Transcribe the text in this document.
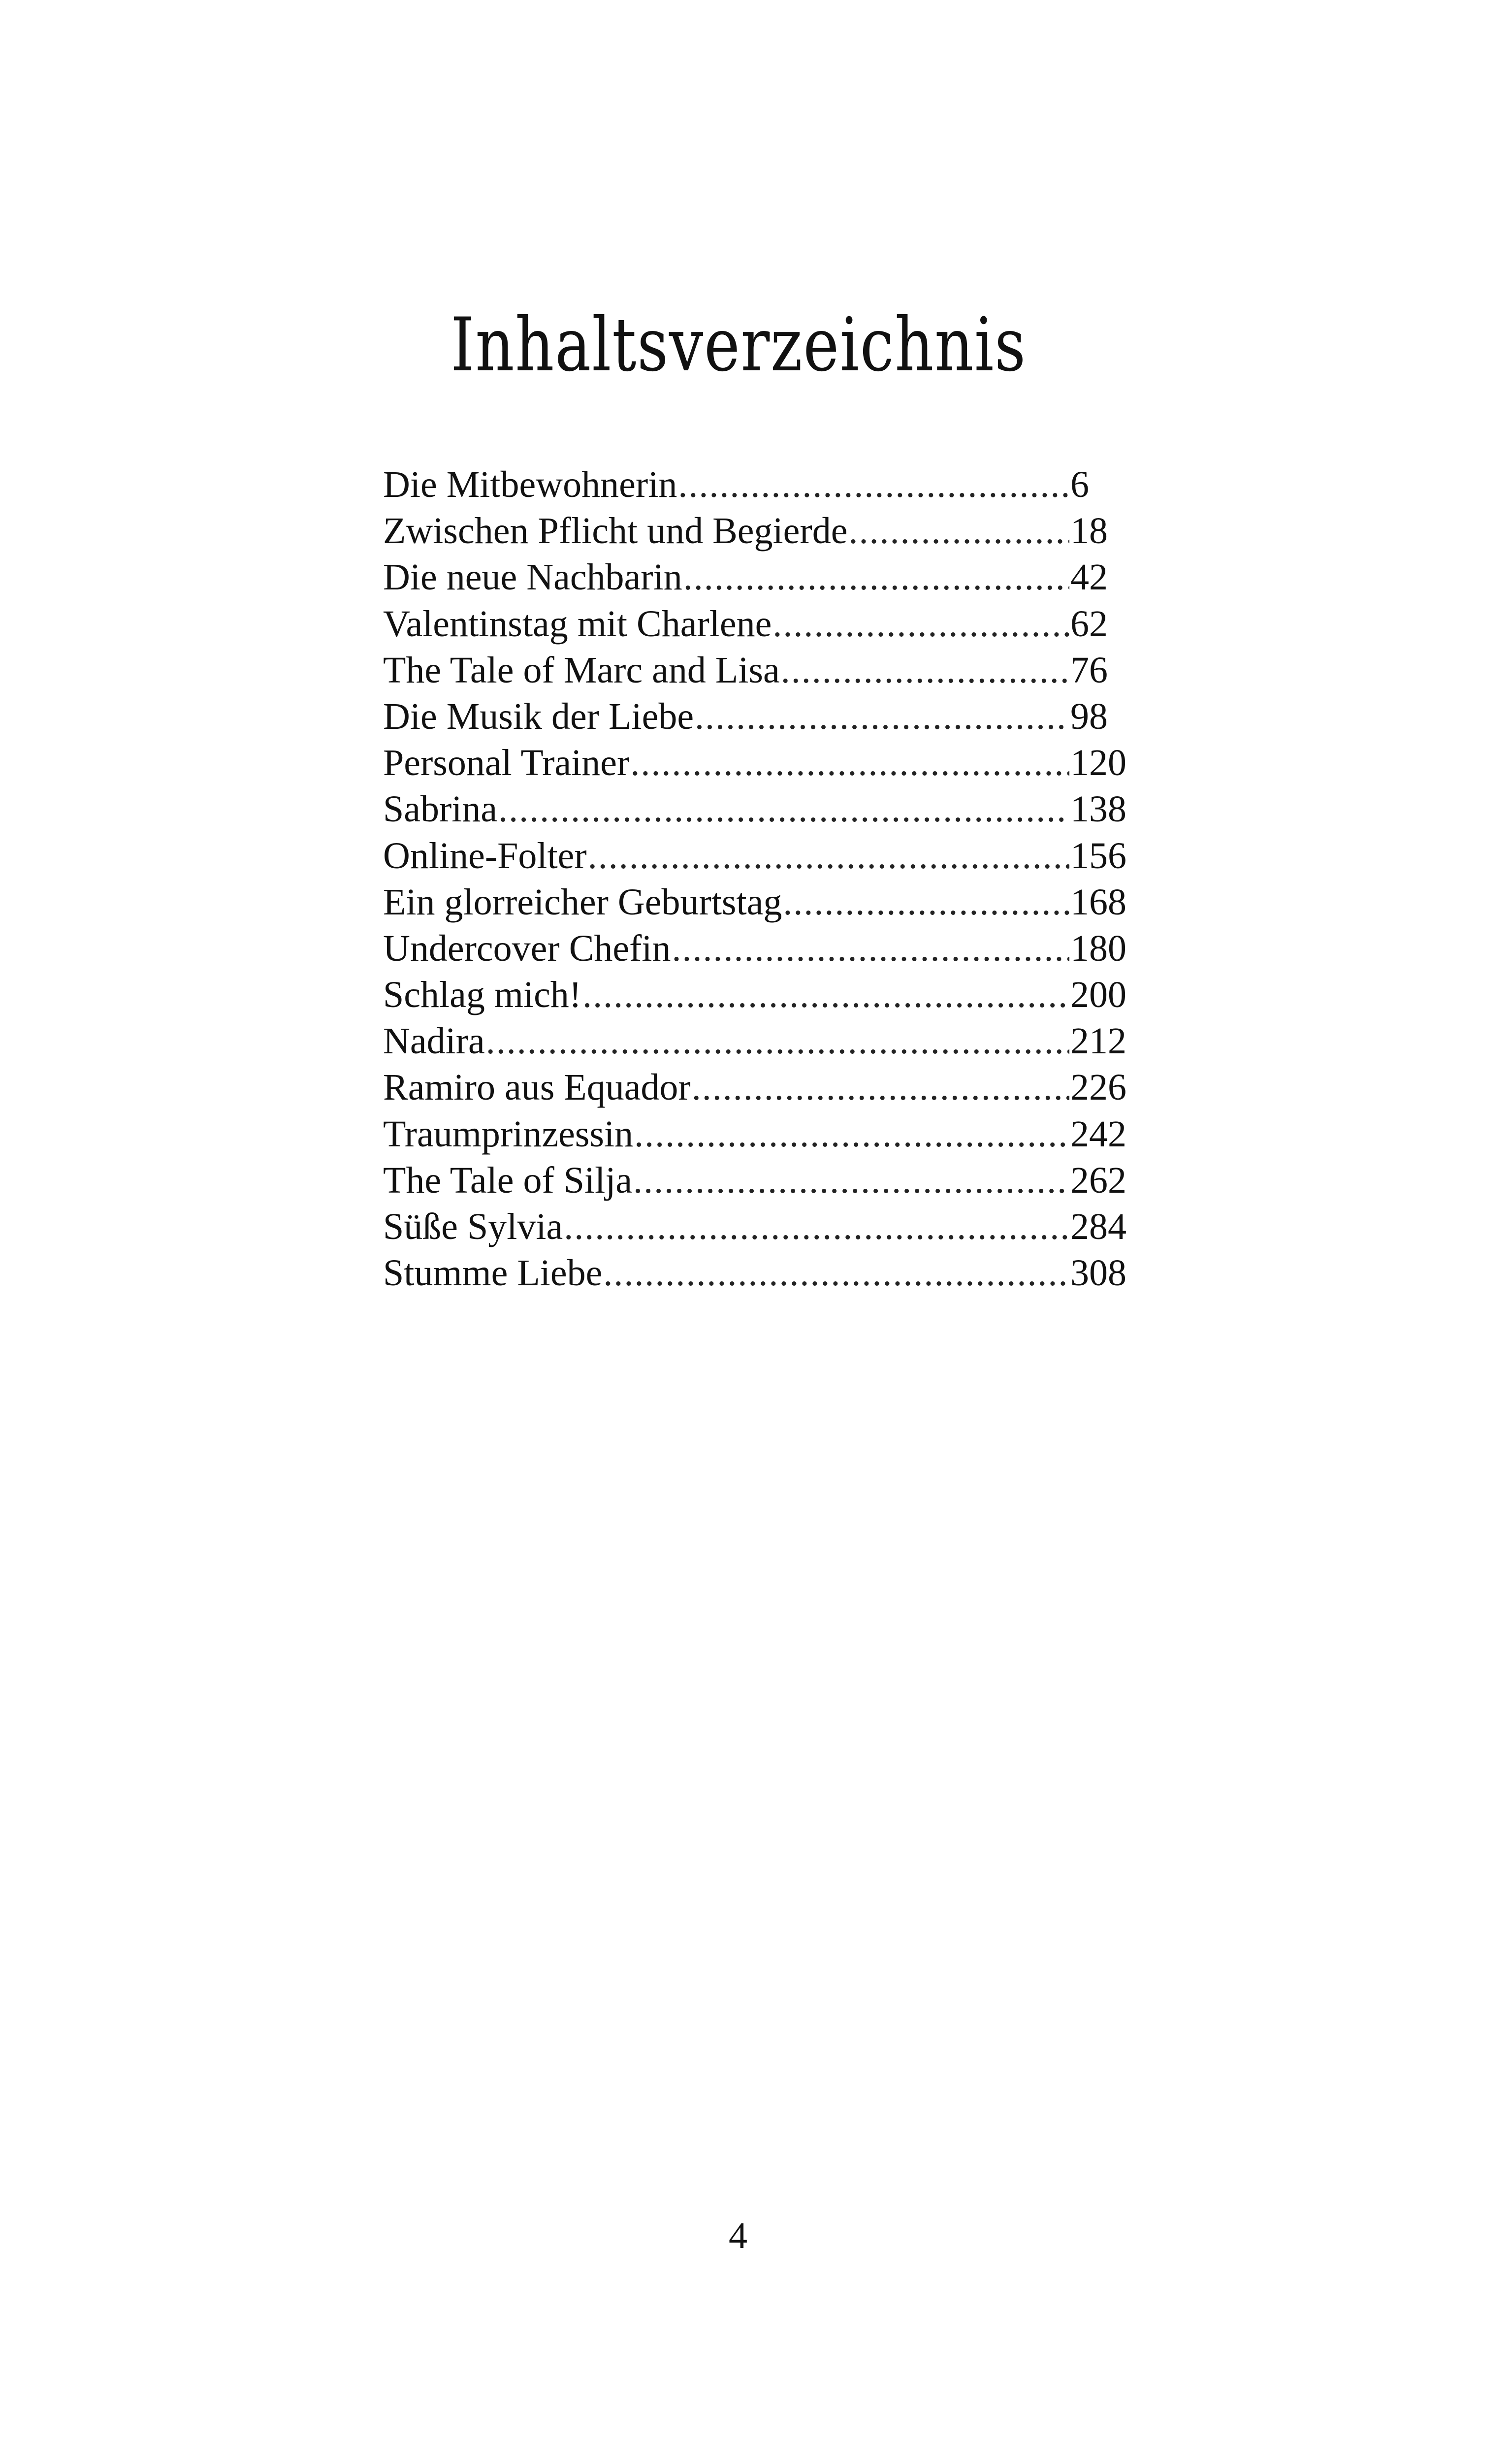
Inhaltsverzeichnis
Die Mitbewohnerin .....	6
Zwischen Pflicht und Begierde .....	18
Die neue Nachbarin .....	42
Valentinstag mit Charlene .....	62
The Tale of Marc and Lisa .....	76
Die Musik der Liebe .....	98
Personal Trainer .....	120
Sabrina .....	138
Online-Folter .....	156
Ein glorreicher Geburtstag .....	168
Undercover Chefin .....	180
Schlag mich! .....	200
Nadira .....	212
Ramiro aus Equador .....	226
Traumprinzessin .....	242
The Tale of Silja .....	262
Süße Sylvia .....	284
Stumme Liebe .....	308
4
